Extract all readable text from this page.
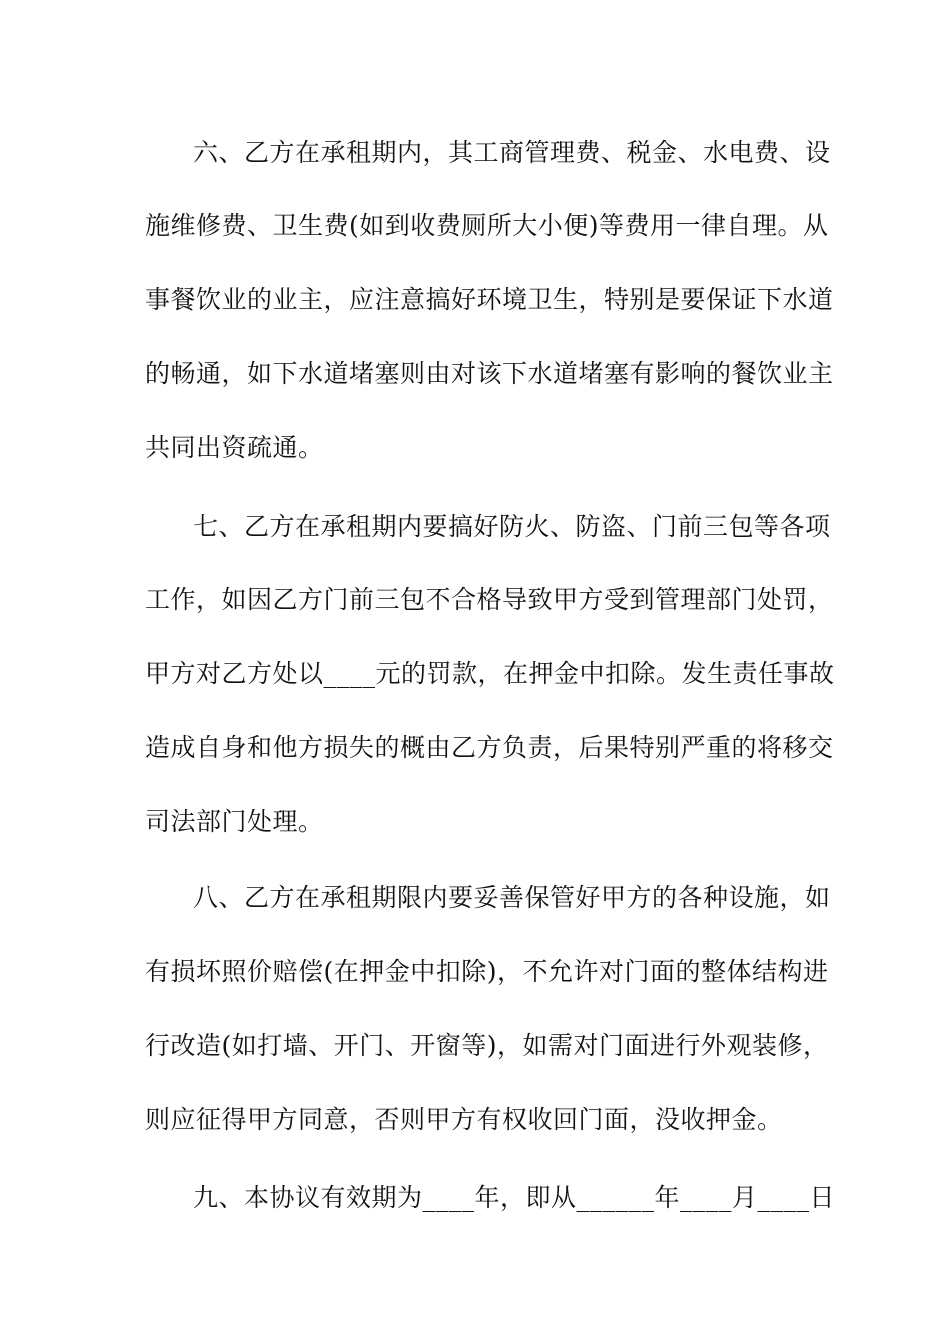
六、乙方在承租期内，其工商管理费、税金、水电费、设
施维修费、卫生费(如到收费厕所大小便)等费用一律自理。从
事餐饮业的业主，应注意搞好环境卫生，特别是要保证下水道
的畅通，如下水道堵塞则由对该下水道堵塞有影响的餐饮业主
共同出资疏通。
七、乙方在承租期内要搞好防火、防盗、门前三包等各项
工作，如因乙方门前三包不合格导致甲方受到管理部门处罚，
甲方对乙方处以____元的罚款，在押金中扣除。发生责任事故
造成自身和他方损失的概由乙方负责，后果特别严重的将移交
司法部门处理。
八、乙方在承租期限内要妥善保管好甲方的各种设施，如
有损坏照价赔偿(在押金中扣除)，不允许对门面的整体结构进
行改造(如打墙、开门、开窗等)，如需对门面进行外观装修，
则应征得甲方同意，否则甲方有权收回门面，没收押金。
九、本协议有效期为____年，即从______年____月____日
